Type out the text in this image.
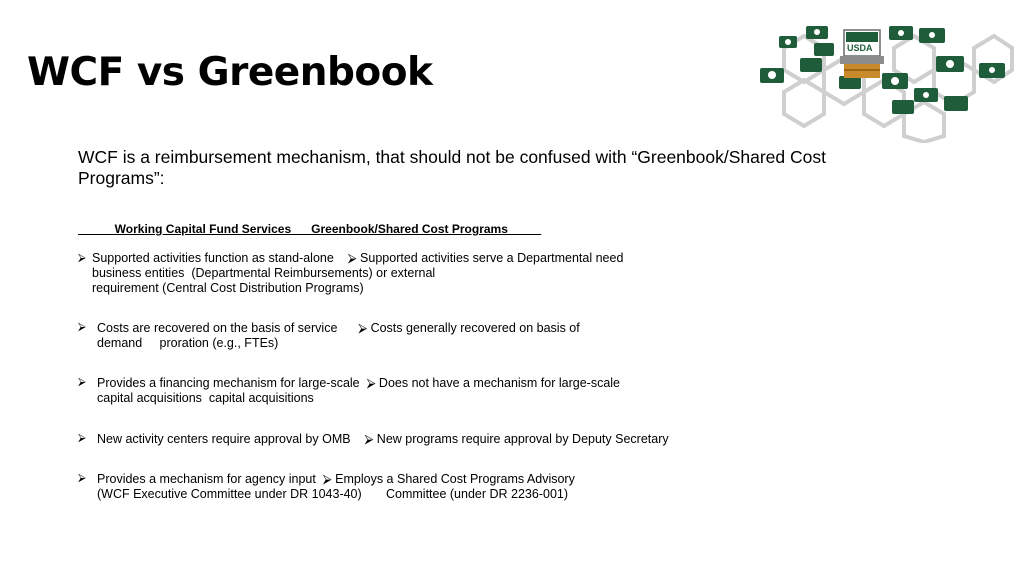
WCF vs Greenbook
USDA
WCF is a reimbursement mechanism, that should not be confused with “Greenbook/Shared Cost Programs”:
Working Capital Fund Services      Greenbook/Shared Cost Programs
⮚ Supported activities function as stand-alone    ⮚ Supported activities serve a Departmental need
business entities  (Departmental Reimbursements) or external
requirement (Central Cost Distribution Programs)
⮚ Costs are recovered on the basis of service      ⮚ Costs generally recovered on basis of
demand     proration (e.g., FTEs)
⮚ Provides a financing mechanism for large-scale  ⮚ Does not have a mechanism for large-scale
capital acquisitions  capital acquisitions
⮚ New activity centers require approval by OMB    ⮚ New programs require approval by Deputy Secretary
⮚ Provides a mechanism for agency input  ⮚ Employs a Shared Cost Programs Advisory
(WCF Executive Committee under DR 1043-40)       Committee (under DR 2236-001)
